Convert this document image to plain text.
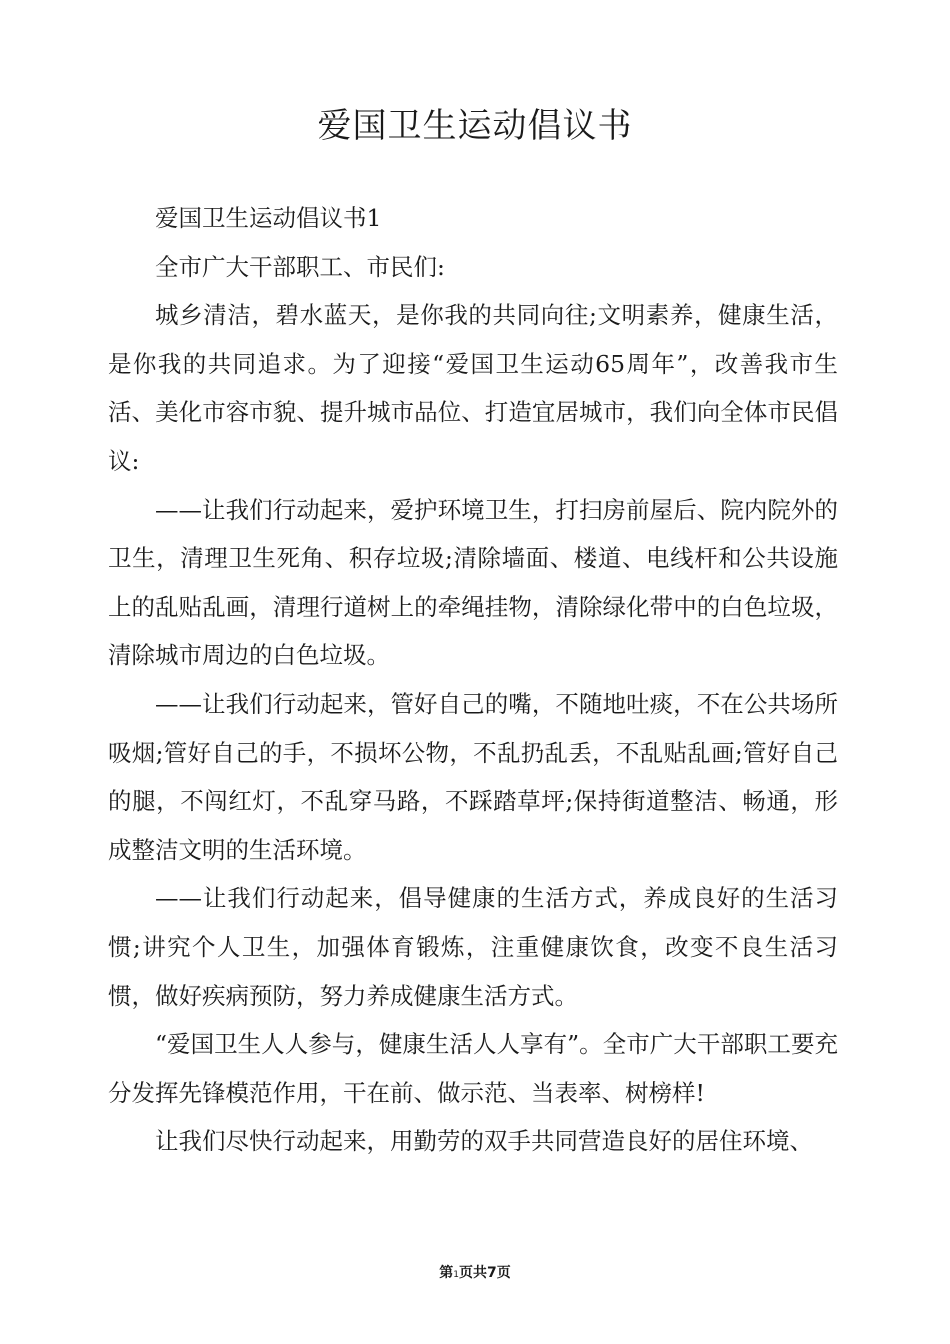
爱国卫生运动倡议书

爱国卫生运动倡议书1

全市广大干部职工、市民们:

城乡清洁，碧水蓝天，是你我的共同向往;文明素养，健康生活，是你我的共同追求。为了迎接“爱国卫生运动65周年”，改善我市生活、美化市容市貌、提升城市品位、打造宜居城市，我们向全体市民倡议:

——让我们行动起来，爱护环境卫生，打扫房前屋后、院内院外的卫生，清理卫生死角、积存垃圾;清除墙面、楼道、电线杆和公共设施上的乱贴乱画，清理行道树上的牵绳挂物，清除绿化带中的白色垃圾，清除城市周边的白色垃圾。

——让我们行动起来，管好自己的嘴，不随地吐痰，不在公共场所吸烟;管好自己的手，不损坏公物，不乱扔乱丢，不乱贴乱画;管好自己的腿，不闯红灯，不乱穿马路，不踩踏草坪;保持街道整洁、畅通，形成整洁文明的生活环境。

——让我们行动起来，倡导健康的生活方式，养成良好的生活习惯;讲究个人卫生，加强体育锻炼，注重健康饮食，改变不良生活习惯，做好疾病预防，努力养成健康生活方式。

“爱国卫生人人参与，健康生活人人享有”。全市广大干部职工要充分发挥先锋模范作用，干在前、做示范、当表率、树榜样!

让我们尽快行动起来，用勤劳的双手共同营造良好的居住环境、

第1页共7页
